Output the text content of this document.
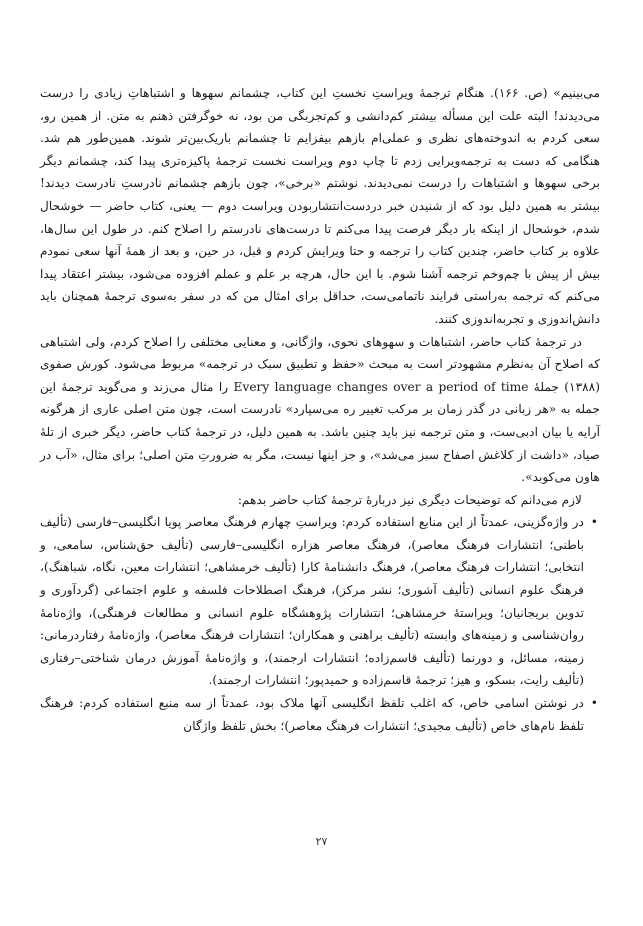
می‌بینیم» (ص. ۱۶۶). هنگام ترجمهٔ ویراستِ نخستِ این کتاب، چشمانم سهوها و اشتباهاتِ زیادی را درست می‌دیدند! البته علت این مسأله بیشتر کم‌دانشی و کم‌تجربگی من بود، نه خوگرفتن ذهنم به متن. از همین رو، سعی کردم به اندوخته‌های نظری و عملی‌ام بازهم بیفزایم تا چشمانم باریک‌بین‌تر شوند. همین‌طور هم شد. هنگامی که دست به ترجمه‌ویرایی زدم تا چاپ دوم ویراست نخست ترجمهٔ پاکیزه‌تری پیدا کند، چشمانم دیگر برخی سهوها و اشتباهات را درست نمی‌دیدند. نوشتم «برخی»، چون بازهم چشمانم نادرستِ نادرست دیدند! بیشتر به همین دلیل بود که از شنیدن خبر دردست‌انتشاربودن ویراست دوم — یعنی، کتاب حاضر — خوشحال شدم، خوشحال از اینکه بار دیگر فرصت پیدا می‌کنم تا درست‌های نادرستم را اصلاح کنم. در طول این سال‌ها، علاوه بر کتاب حاضر، چندین کتاب را ترجمه و حتا ویرایش کردم و قبل، در حین، و بعد از همهٔ آنها سعی نمودم بیش از پیش با چم‌وخم ترجمه آشنا شوم. با این حال، هرچه بر علم و عملم افزوده می‌شود، بیشتر اعتقاد پیدا می‌کنم که ترجمه به‌راستی فرایند ناتمامی‌ست، حداقل برای امثال من که در سفر به‌سوی ترجمهٔ همچنان باید دانش‌اندوزی و تجربه‌اندوزی کنند.

در ترجمهٔ کتاب حاضر، اشتباهات و سهوهای نحوی، واژگانی، و معنایی مختلفی را اصلاح کردم، ولی اشتباهی که اصلاح آن به‌نظرم مشهودتر است به مبحث «حفظ و تطبیق سبک در ترجمه» مربوط می‌شود. کورش صفوی (۱۳۸۸) جملهٔ Every language changes over a period of time را مثال می‌زند و می‌گوید ترجمهٔ این جمله به «هر زبانی در گذر زمان بر مرکب تغییر ره می‌سپارد» نادرست است، چون متن اصلی عاری از هرگونه آرایه یا بیان ادبی‌ست، و متن ترجمه نیز باید چنین باشد. به همین دلیل، در ترجمهٔ کتاب حاضر، دیگر خبری از تلهٔ صیاد، «داشت از کلاغش اصفاح سبز می‌شد»، و جز اینها نیست، مگر به ضرورتِ متن اصلی؛ برای مثال، «آب در هاون می‌کوبد».

لازم می‌دانم که توضیحات دیگری نیز دربارهٔ ترجمهٔ کتاب حاضر بدهم:

• در واژه‌گزینی، عمدتاً از این منابع استفاده کردم: ویراستِ چهارم فرهنگ معاصر پویا انگلیسی–فارسی (تألیف باطنی؛ انتشارات فرهنگ معاصر)، فرهنگ معاصر هزاره انگلیسی–فارسی (تألیف حق‌شناس، سامعی، و انتخابی؛ انتشارات فرهنگ معاصر)، فرهنگ دانشنامهٔ کارا (تألیف خرمشاهی؛ انتشارات معین، نگاه، شباهنگ)، فرهنگ علوم انسانی (تألیف آشوری؛ نشر مرکز)، فرهنگ اصطلاحات فلسفه و علوم اجتماعی (گردآوری و تدوین بریجانیان؛ ویراستهٔ خرمشاهی؛ انتشارات پژوهشگاه علوم انسانی و مطالعات فرهنگی)، واژه‌نامهٔ روان‌شناسی و زمینه‌های وابسته (تألیف براهنی و همکاران؛ انتشارات فرهنگ معاصر)، واژه‌نامهٔ رفتاردرمانی: زمینه، مسائل، و دورنما (تألیف قاسم‌زاده؛ انتشارات ارجمند)، و واژه‌نامهٔ آموزش درمان شناختی–رفتاری (تألیف رایت، بسکو، و هیز؛ ترجمهٔ قاسم‌زاده و حمیدپور؛ انتشارات ارجمند).
• در نوشتن اسامی خاص، که اغلب تلفظ انگلیسی آنها ملاک بود، عمدتاً از سه منبع استفاده کردم: فرهنگ تلفظ نام‌های خاص (تألیف مجیدی؛ انتشارات فرهنگ معاصر)؛ بخش تلفظ واژگان
۲۷
